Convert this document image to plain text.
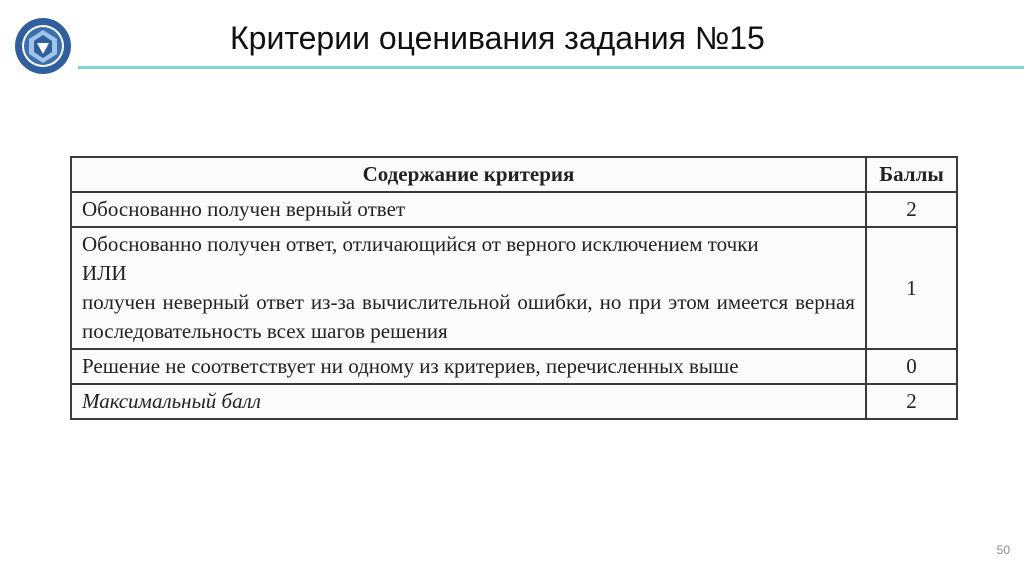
Критерии оценивания задания №15
Содержание критерия	Баллы

Обоснованно получен верный ответ	2

Обоснованно получен ответ, отличающийся от верного исключением точки
ИЛИ
получен неверный ответ из-за вычислительной ошибки, но при этом имеется верная последовательность всех шагов решения	1

Решение не соответствует ни одному из критериев, перечисленных выше	0
Максимальный балл	2
50
